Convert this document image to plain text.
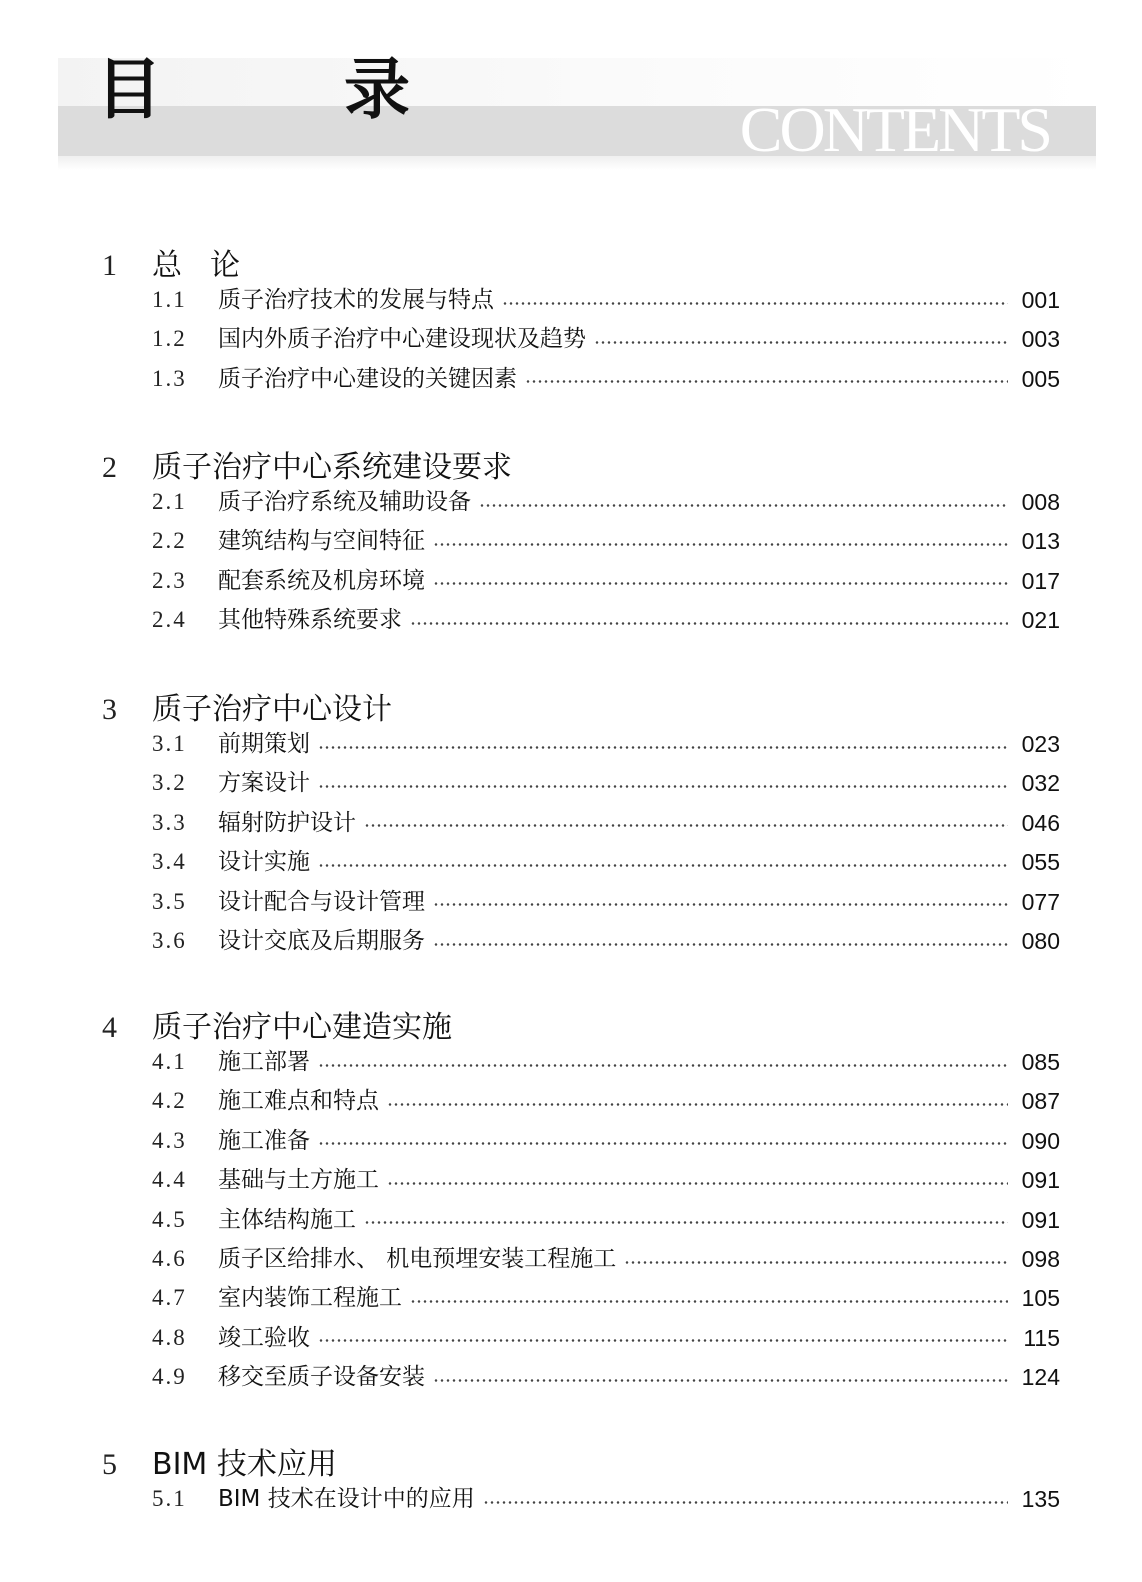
目　录
CONTENTS
1 总论
1.1 质子治疗技术的发展与特点	001
1.2 国内外质子治疗中心建设现状及趋势	003
1.3 质子治疗中心建设的关键因素	005
2 质子治疗中心系统建设要求
2.1 质子治疗系统及辅助设备	008
2.2 建筑结构与空间特征	013
2.3 配套系统及机房环境	017
2.4 其他特殊系统要求	021
3 质子治疗中心设计
3.1 前期策划	023
3.2 方案设计	032
3.3 辐射防护设计	046
3.4 设计实施	055
3.5 设计配合与设计管理	077
3.6 设计交底及后期服务	080
4 质子治疗中心建造实施
4.1 施工部署	085
4.2 施工难点和特点	087
4.3 施工准备	090
4.4 基础与土方施工	091
4.5 主体结构施工	091
4.6 质子区给排水、 机电预埋安装工程施工	098
4.7 室内装饰工程施工	105
4.8 竣工验收	115
4.9 移交至质子设备安装	124
5 BIM 技术应用
5.1 BIM 技术在设计中的应用	135
